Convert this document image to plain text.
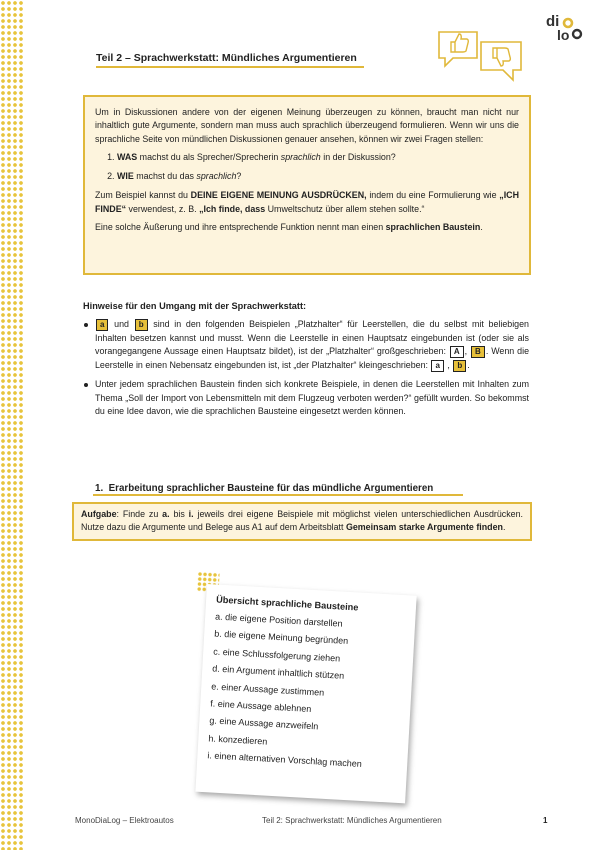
di
lo
Teil 2 – Sprachwerkstatt: Mündliches Argumentieren

Um in Diskussionen andere von der eigenen Meinung überzeugen zu können, braucht man nicht nur inhaltlich gute Argumente, sondern man muss auch sprachlich überzeugend formulieren. Wenn wir uns die sprachliche Seite von mündlichen Diskussionen genauer ansehen, können wir zwei Fragen stellen:

1. WAS machst du als Sprecher/Sprecherin sprachlich in der Diskussion?
2. WIE machst du das sprachlich?

Zum Beispiel kannst du DEINE EIGENE MEINUNG AUSDRÜCKEN, indem du eine Formulierung wie „ICH FINDE“ verwendest, z. B. „Ich finde, dass Umweltschutz über allem stehen sollte.“

Eine solche Äußerung und ihre entsprechende Funktion nennt man einen sprachlichen Baustein.

Hinweise für den Umgang mit der Sprachwerkstatt:
a und b sind in den folgenden Beispielen „Platzhalter“ für Leerstellen, die du selbst mit beliebigen Inhalten besetzen kannst und musst. Wenn die Leerstelle in einen Hauptsatz eingebunden ist (oder sie als vorangegangene Aussage einen Hauptsatz bildet), ist der „Platzhalter“ großgeschrieben: A , B . Wenn die Leerstelle in einen Nebensatz eingebunden ist, ist „der Platzhalter“ kleingeschrieben: a , b .
Unter jedem sprachlichen Baustein finden sich konkrete Beispiele, in denen die Leerstellen mit Inhalten zum Thema „Soll der Import von Lebensmitteln mit dem Flugzeug verboten werden?“ gefüllt wurden. So bekommst du eine Idee davon, wie die sprachlichen Bausteine eingesetzt werden können.
1. Erarbeitung sprachlicher Bausteine für das mündliche Argumentieren
Aufgabe: Finde zu a. bis i. jeweils drei eigene Beispiele mit möglichst vielen unterschiedlichen Ausdrücken. Nutze dazu die Argumente und Belege aus A1 auf dem Arbeitsblatt Gemeinsam starke Argumente finden.
Übersicht sprachliche Bausteine
a. die eigene Position darstellen
b. die eigene Meinung begründen
c. eine Schlussfolgerung ziehen
d. ein Argument inhaltlich stützen
e. einer Aussage zustimmen
f. eine Aussage ablehnen
g. eine Aussage anzweifeln
h. konzedieren
i. einen alternativen Vorschlag machen
MonoDiaLog – Elektroautos	Teil 2: Sprachwerkstatt: Mündliches Argumentieren	1
